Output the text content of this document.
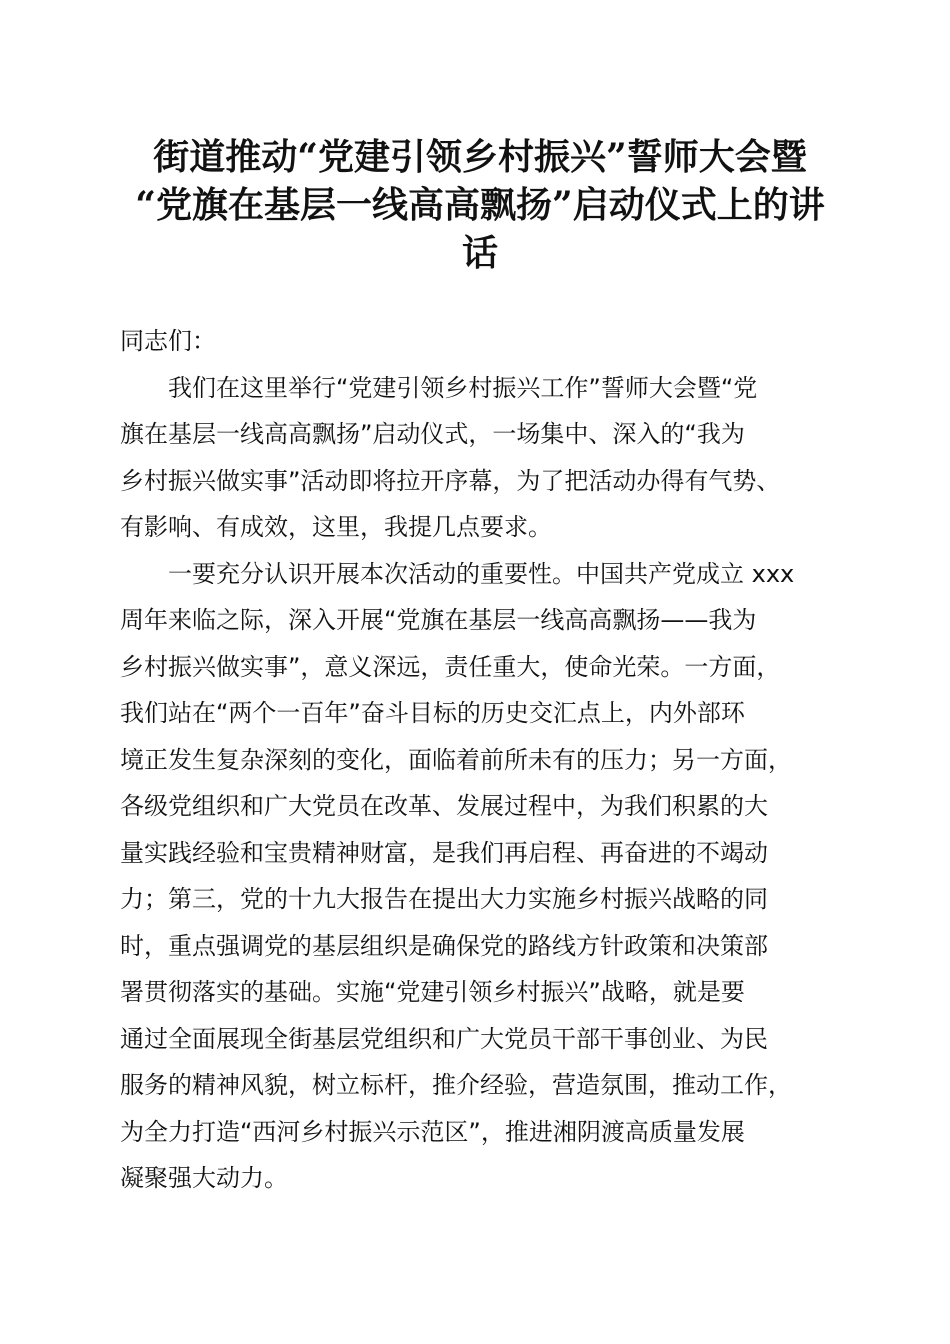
街道推动“党建引领乡村振兴”誓师大会暨
“党旗在基层一线高高飘扬”启动仪式上的讲
话

同志们：

我们在这里举行“党建引领乡村振兴工作”誓师大会暨“党
旗在基层一线高高飘扬”启动仪式，一场集中、深入的“我为
乡村振兴做实事”活动即将拉开序幕，为了把活动办得有气势、
有影响、有成效，这里，我提几点要求。

一要充分认识开展本次活动的重要性。中国共产党成立 xxx
周年来临之际，深入开展“党旗在基层一线高高飘扬——我为
乡村振兴做实事”，意义深远，责任重大，使命光荣。一方面，
我们站在“两个一百年”奋斗目标的历史交汇点上，内外部环
境正发生复杂深刻的变化，面临着前所未有的压力；另一方面，
各级党组织和广大党员在改革、发展过程中，为我们积累的大
量实践经验和宝贵精神财富，是我们再启程、再奋进的不竭动
力；第三，党的十九大报告在提出大力实施乡村振兴战略的同
时，重点强调党的基层组织是确保党的路线方针政策和决策部
署贯彻落实的基础。实施“党建引领乡村振兴”战略，就是要
通过全面展现全街基层党组织和广大党员干部干事创业、为民
服务的精神风貌，树立标杆，推介经验，营造氛围，推动工作，
为全力打造“西河乡村振兴示范区”，推进湘阴渡高质量发展
凝聚强大动力。
